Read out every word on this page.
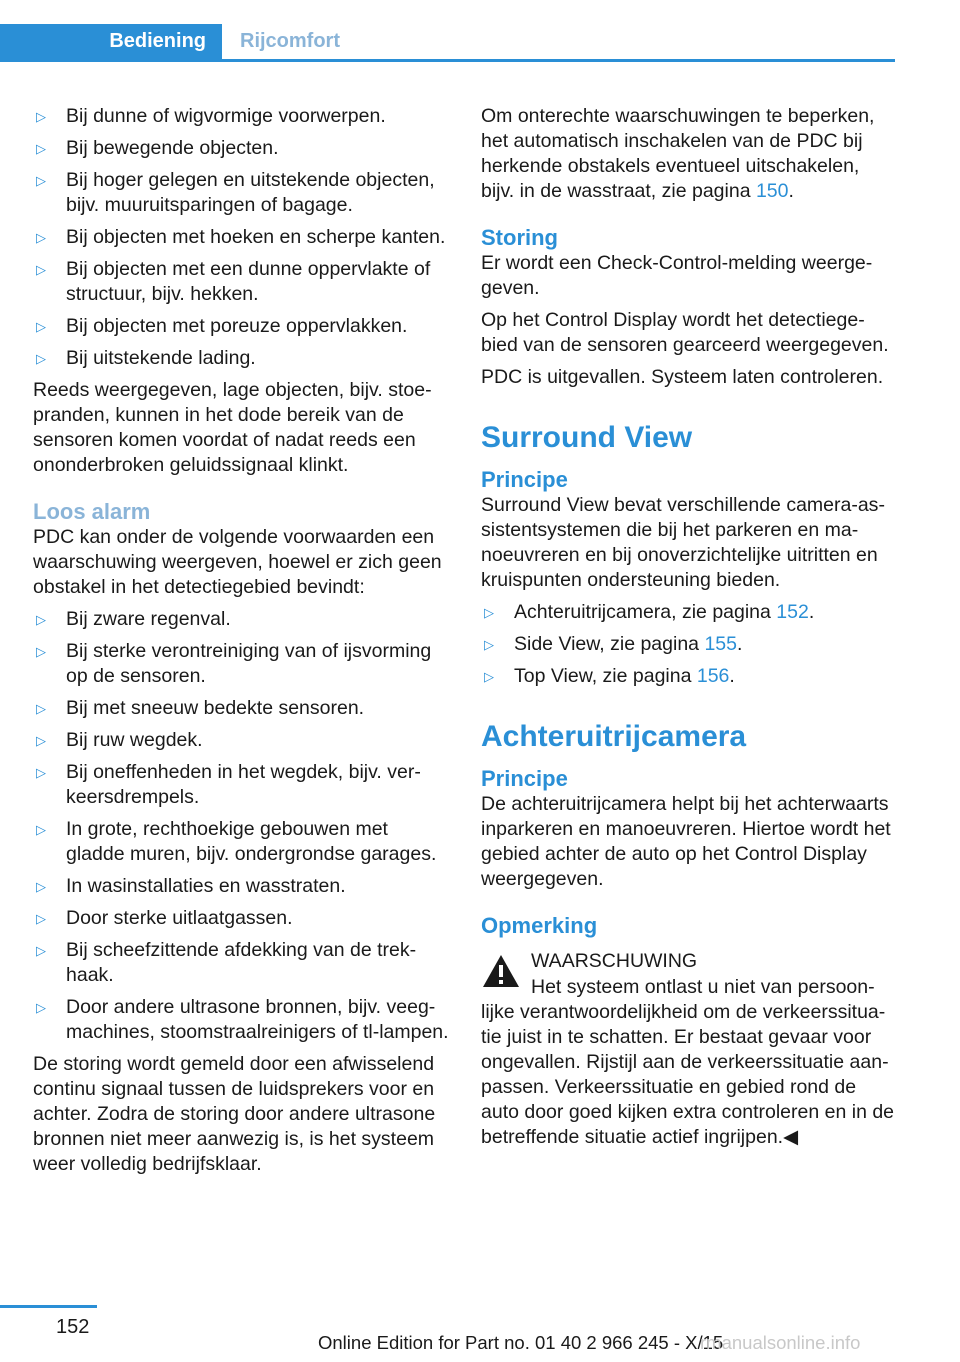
Bediening	Rijcomfort
▷ Bij dunne of wigvormige voorwerpen.
▷ Bij bewegende objecten.
▷ Bij hoger gelegen en uitstekende objecten, bijv. muuruitsparingen of bagage.
▷ Bij objecten met hoeken en scherpe kanten.
▷ Bij objecten met een dunne oppervlakte of structuur, bijv. hekken.
▷ Bij objecten met poreuze oppervlakken.
▷ Bij uitstekende lading.

Reeds weergegeven, lage objecten, bijv. stoepranden, kunnen in het dode bereik van de sensoren komen voordat of nadat reeds een ononderbroken geluidssignaal klinkt.

Loos alarm

PDC kan onder de volgende voorwaarden een waarschuwing weergeven, hoewel er zich geen obstakel in het detectiegebied bevindt:

▷ Bij zware regenval.
▷ Bij sterke verontreiniging van of ijsvorming op de sensoren.
▷ Bij met sneeuw bedekte sensoren.
▷ Bij ruw wegdek.
▷ Bij oneffenheden in het wegdek, bijv. verkeersdrempels.
▷ In grote, rechthoekige gebouwen met gladde muren, bijv. ondergrondse garages.
▷ In wasinstallaties en wasstraten.
▷ Door sterke uitlaatgassen.
▷ Bij scheefzittende afdekking van de trekhaak.
▷ Door andere ultrasone bronnen, bijv. veegmachines, stoomstraalreinigers of tl-lampen.

De storing wordt gemeld door een afwisselend continu signaal tussen de luidsprekers voor en achter. Zodra de storing door andere ultrasone bronnen niet meer aanwezig is, is het systeem weer volledig bedrijfsklaar.

Om onterechte waarschuwingen te beperken, het automatisch inschakelen van de PDC bij herkende obstakels eventueel uitschakelen, bijv. in de wasstraat, zie pagina 150.

Storing

Er wordt een Check-Control-melding weergegeven.

Op het Control Display wordt het detectiegebied van de sensoren gearceerd weergegeven.

PDC is uitgevallen. Systeem laten controleren.

Surround View
Principe

Surround View bevat verschillende camera-assistentsystemen die bij het parkeren en manoeuvreren en bij onoverzichtelijke uitritten en kruispunten ondersteuning bieden.

▷ Achteruitrijcamera, zie pagina 152.
▷ Side View, zie pagina 155.
▷ Top View, zie pagina 156.
Achteruitrijcamera
Principe

De achteruitrijcamera helpt bij het achterwaarts inparkeren en manoeuvreren. Hiertoe wordt het gebied achter de auto op het Control Display weergegeven.

Opmerking
WAARSCHUWING

Het systeem ontlast u niet van persoonlijke verantwoordelijkheid om de verkeerssituatie juist in te schatten. Er bestaat gevaar voor ongevallen. Rijstijl aan de verkeerssituatie aanpassen. Verkeerssituatie en gebied rond de auto door goed kijken extra controleren en in de betreffende situatie actief ingrijpen.◀

152
Online Edition for Part no. 01 40 2 966 245 - X/15
rmanualsonline.info
